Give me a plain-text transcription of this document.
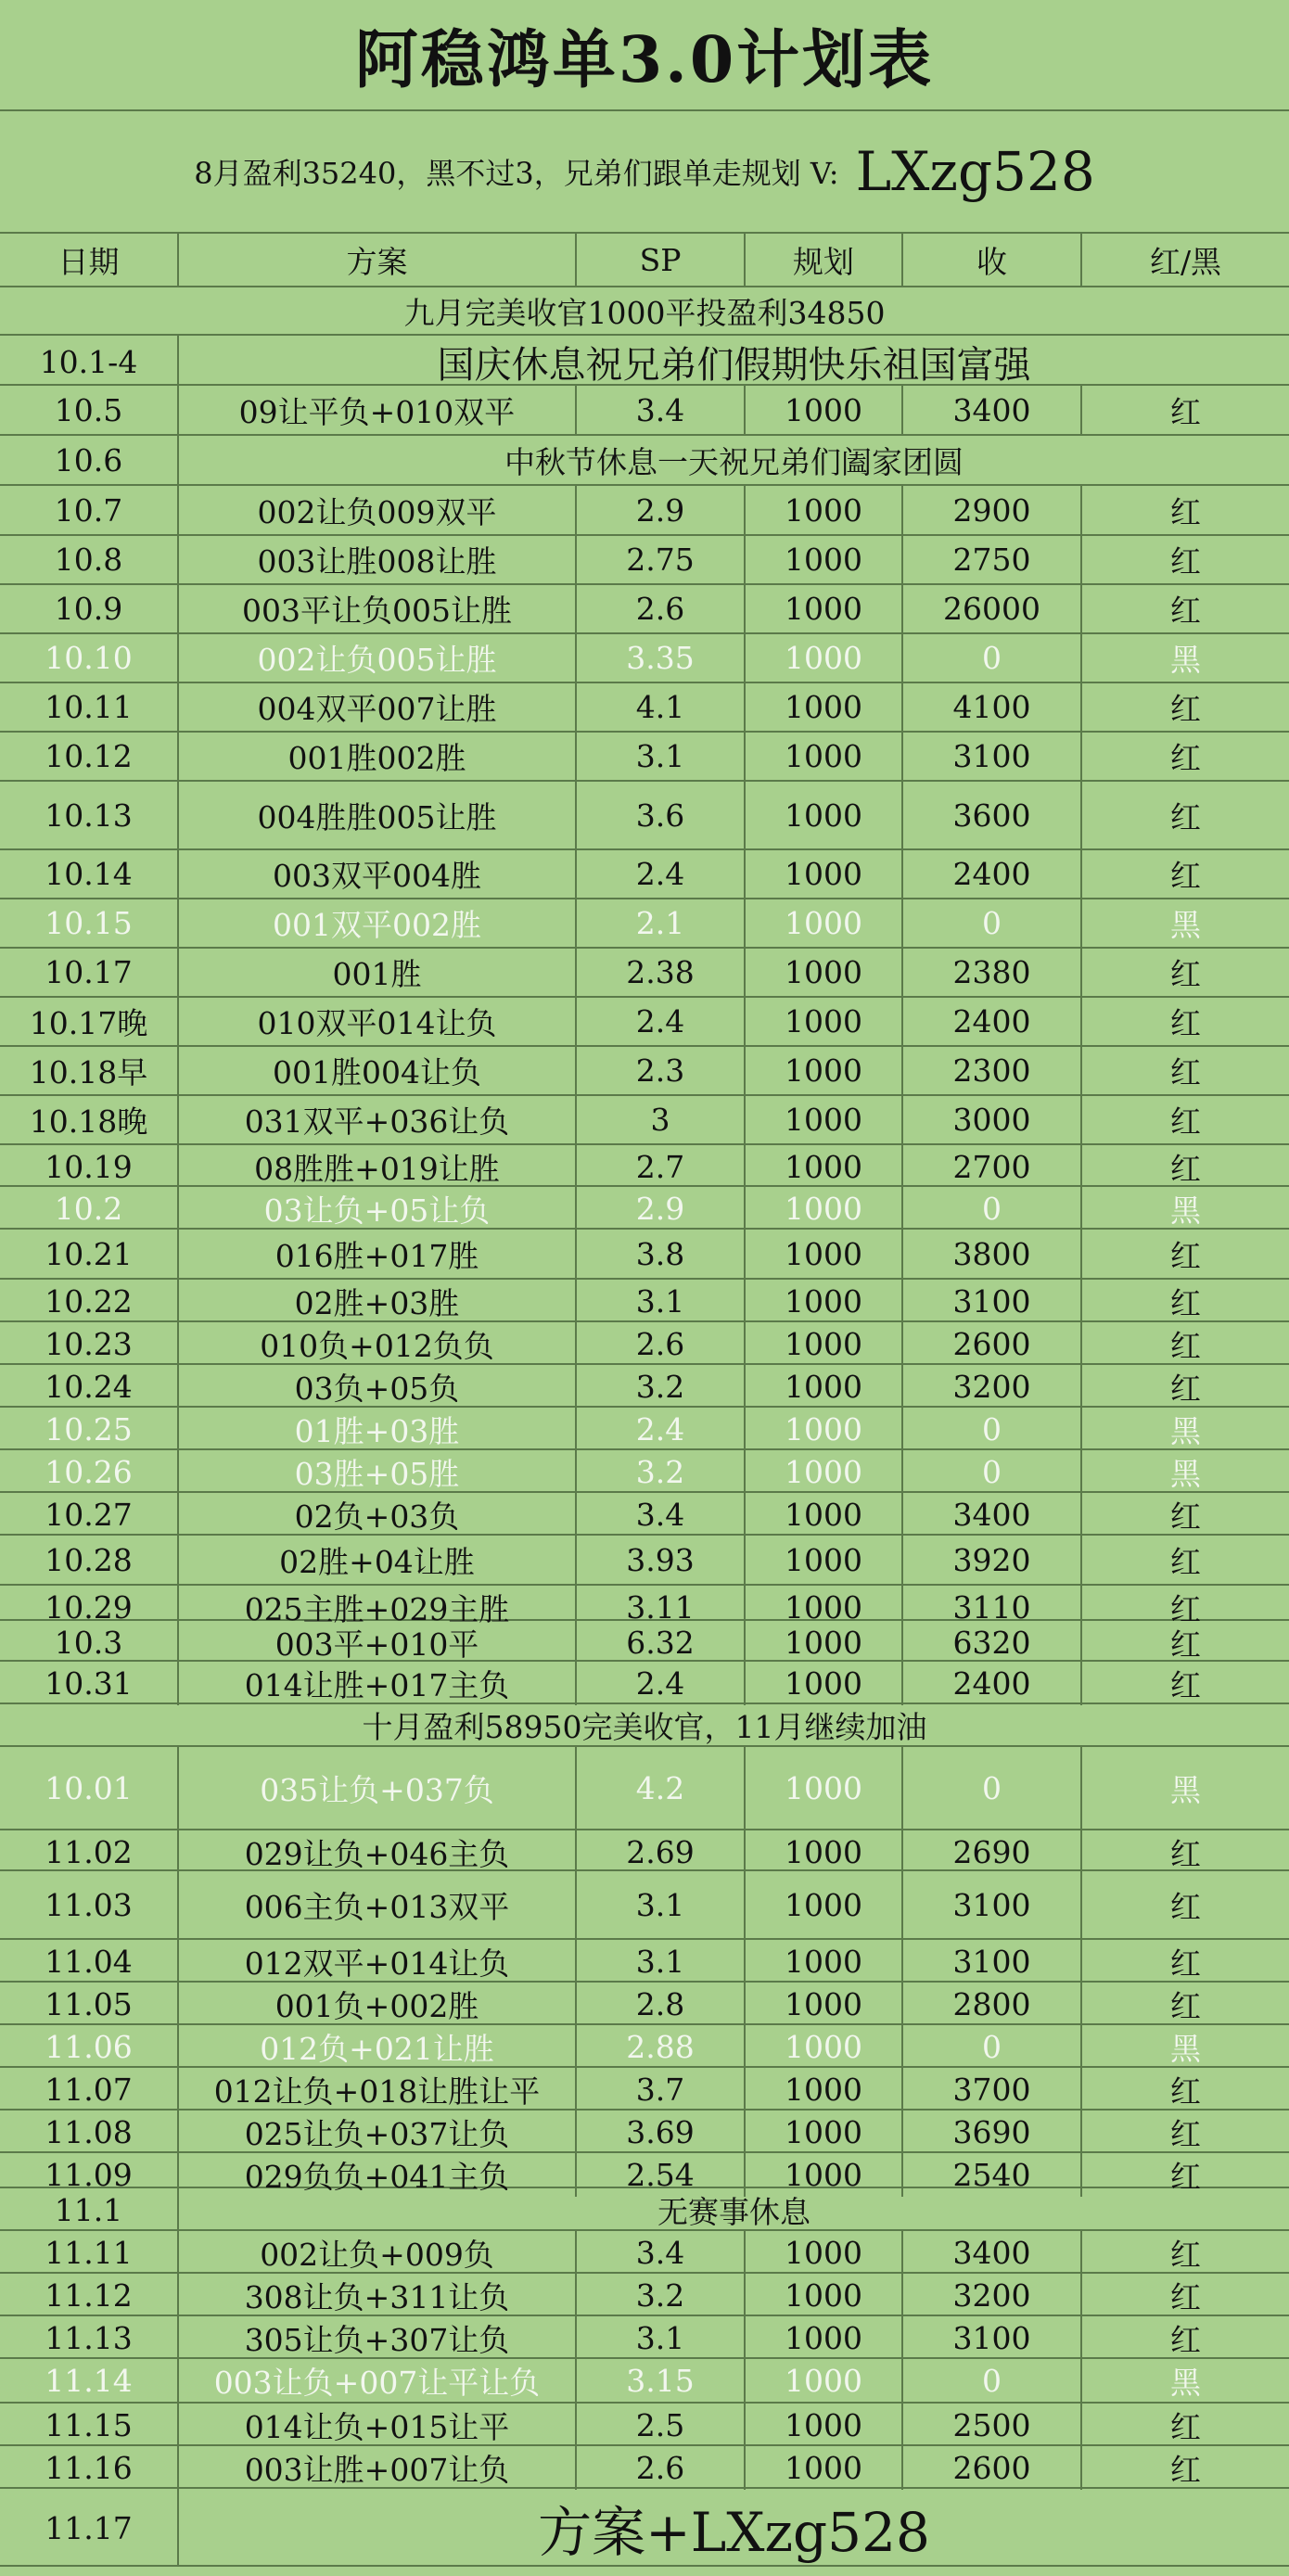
阿稳鸿单3.0计划表
8月盈利35240，黑不过3，兄弟们跟单走规划 V: LXzg528
日期	方案	SP	规划	收	红/黑
九月完美收官1000平投盈利34850
10.1-4	国庆休息祝兄弟们假期快乐祖国富强
10.5	09让平负+010双平	3.4	1000	3400	红
10.6	中秋节休息一天祝兄弟们阖家团圆
10.7	002让负009双平	2.9	1000	2900	红
10.8	003让胜008让胜	2.75	1000	2750	红
10.9	003平让负005让胜	2.6	1000	26000	红
10.10	002让负005让胜	3.35	1000	0	黑
10.11	004双平007让胜	4.1	1000	4100	红
10.12	001胜002胜	3.1	1000	3100	红
10.13	004胜胜005让胜	3.6	1000	3600	红
10.14	003双平004胜	2.4	1000	2400	红
10.15	001双平002胜	2.1	1000	0	黑
10.17	001胜	2.38	1000	2380	红
10.17晚	010双平014让负	2.4	1000	2400	红
10.18早	001胜004让负	2.3	1000	2300	红
10.18晚	031双平+036让负	3	1000	3000	红
10.19	08胜胜+019让胜	2.7	1000	2700	红
10.2	03让负+05让负	2.9	1000	0	黑
10.21	016胜+017胜	3.8	1000	3800	红
10.22	02胜+03胜	3.1	1000	3100	红
10.23	010负+012负负	2.6	1000	2600	红
10.24	03负+05负	3.2	1000	3200	红
10.25	01胜+03胜	2.4	1000	0	黑
10.26	03胜+05胜	3.2	1000	0	黑
10.27	02负+03负	3.4	1000	3400	红
10.28	02胜+04让胜	3.93	1000	3920	红
10.29	025主胜+029主胜	3.11	1000	3110	红
10.3	003平+010平	6.32	1000	6320	红
10.31	014让胜+017主负	2.4	1000	2400	红
十月盈利58950完美收官，11月继续加油
10.01	035让负+037负	4.2	1000	0	黑
11.02	029让负+046主负	2.69	1000	2690	红
11.03	006主负+013双平	3.1	1000	3100	红
11.04	012双平+014让负	3.1	1000	3100	红
11.05	001负+002胜	2.8	1000	2800	红
11.06	012负+021让胜	2.88	1000	0	黑
11.07	012让负+018让胜让平	3.7	1000	3700	红
11.08	025让负+037让负	3.69	1000	3690	红
11.09	029负负+041主负	2.54	1000	2540	红
11.1	无赛事休息
11.11	002让负+009负	3.4	1000	3400	红
11.12	308让负+311让负	3.2	1000	3200	红
11.13	305让负+307让负	3.1	1000	3100	红
11.14	003让负+007让平让负	3.15	1000	0	黑
11.15	014让负+015让平	2.5	1000	2500	红
11.16	003让胜+007让负	2.6	1000	2600	红
11.17	方案+LXzg528
